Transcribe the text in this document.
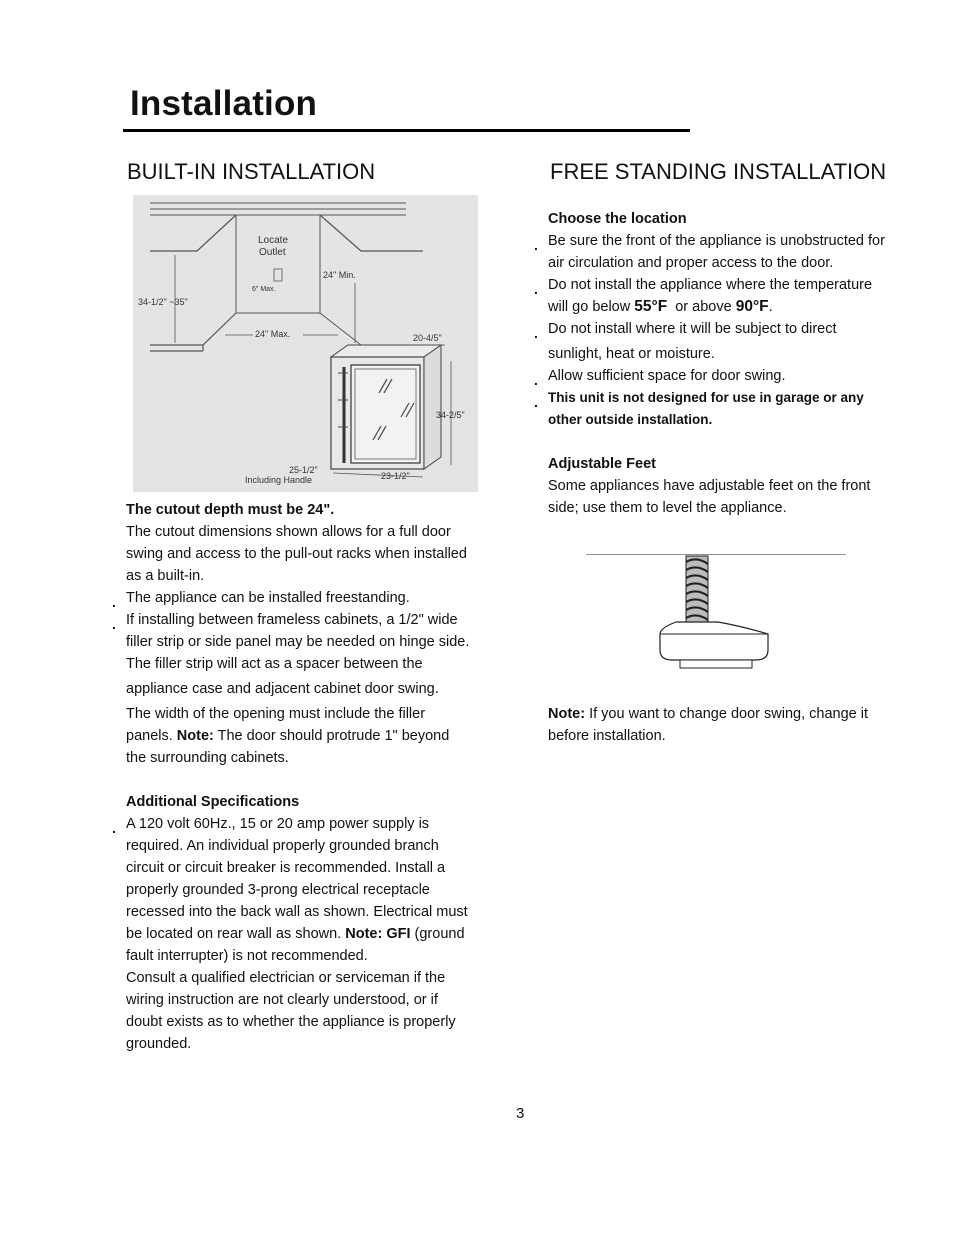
Installation
BUILT-IN INSTALLATION	FREE STANDING INSTALLATION
34-1/2" ~35"
Locate
Outlet
6" Max.
24" Min.
24" Max.	20-4/5"
34-2/5"
25-1/2"
Including Handle	23-1/2"

The cutout depth must be 24".

The cutout dimensions shown allows for a full door swing and access to the pull-out racks when installed as a built-in.

. The appliance can be installed freestanding.

. If installing between frameless cabinets, a 1/2" wide filler strip or side panel may be needed on hinge side. The filler strip will act as a spacer between the

appliance case and adjacent cabinet door swing.

The width of the opening must include the filler panels. Note: The door should protrude 1" beyond the surrounding cabinets.

Additional Specifications

. A 120 volt 60Hz., 15 or 20 amp power supply is required. An individual properly grounded branch circuit or circuit breaker is recommended. Install a properly grounded 3-prong electrical receptacle recessed into the back wall as shown. Electrical must be located on rear wall as shown. Note: GFI (ground fault interrupter) is not recommended.

Consult a qualified electrician or serviceman if the wiring instruction are not clearly understood, or if doubt exists as to whether the appliance is properly grounded.

Choose the location

. Be sure the front of the appliance is unobstructed for air circulation and proper access to the door.

. Do not install the appliance where the temperature will go below 55°F or above 90°F.

. Do not install where it will be subject to direct

sunlight, heat or moisture.

. Allow sufficient space for door swing.

. This unit is not designed for use in garage or any other outside installation.

Adjustable Feet

Some appliances have adjustable feet on the front side; use them to level the appliance.

Note: If you want to change door swing, change it before installation.

3
